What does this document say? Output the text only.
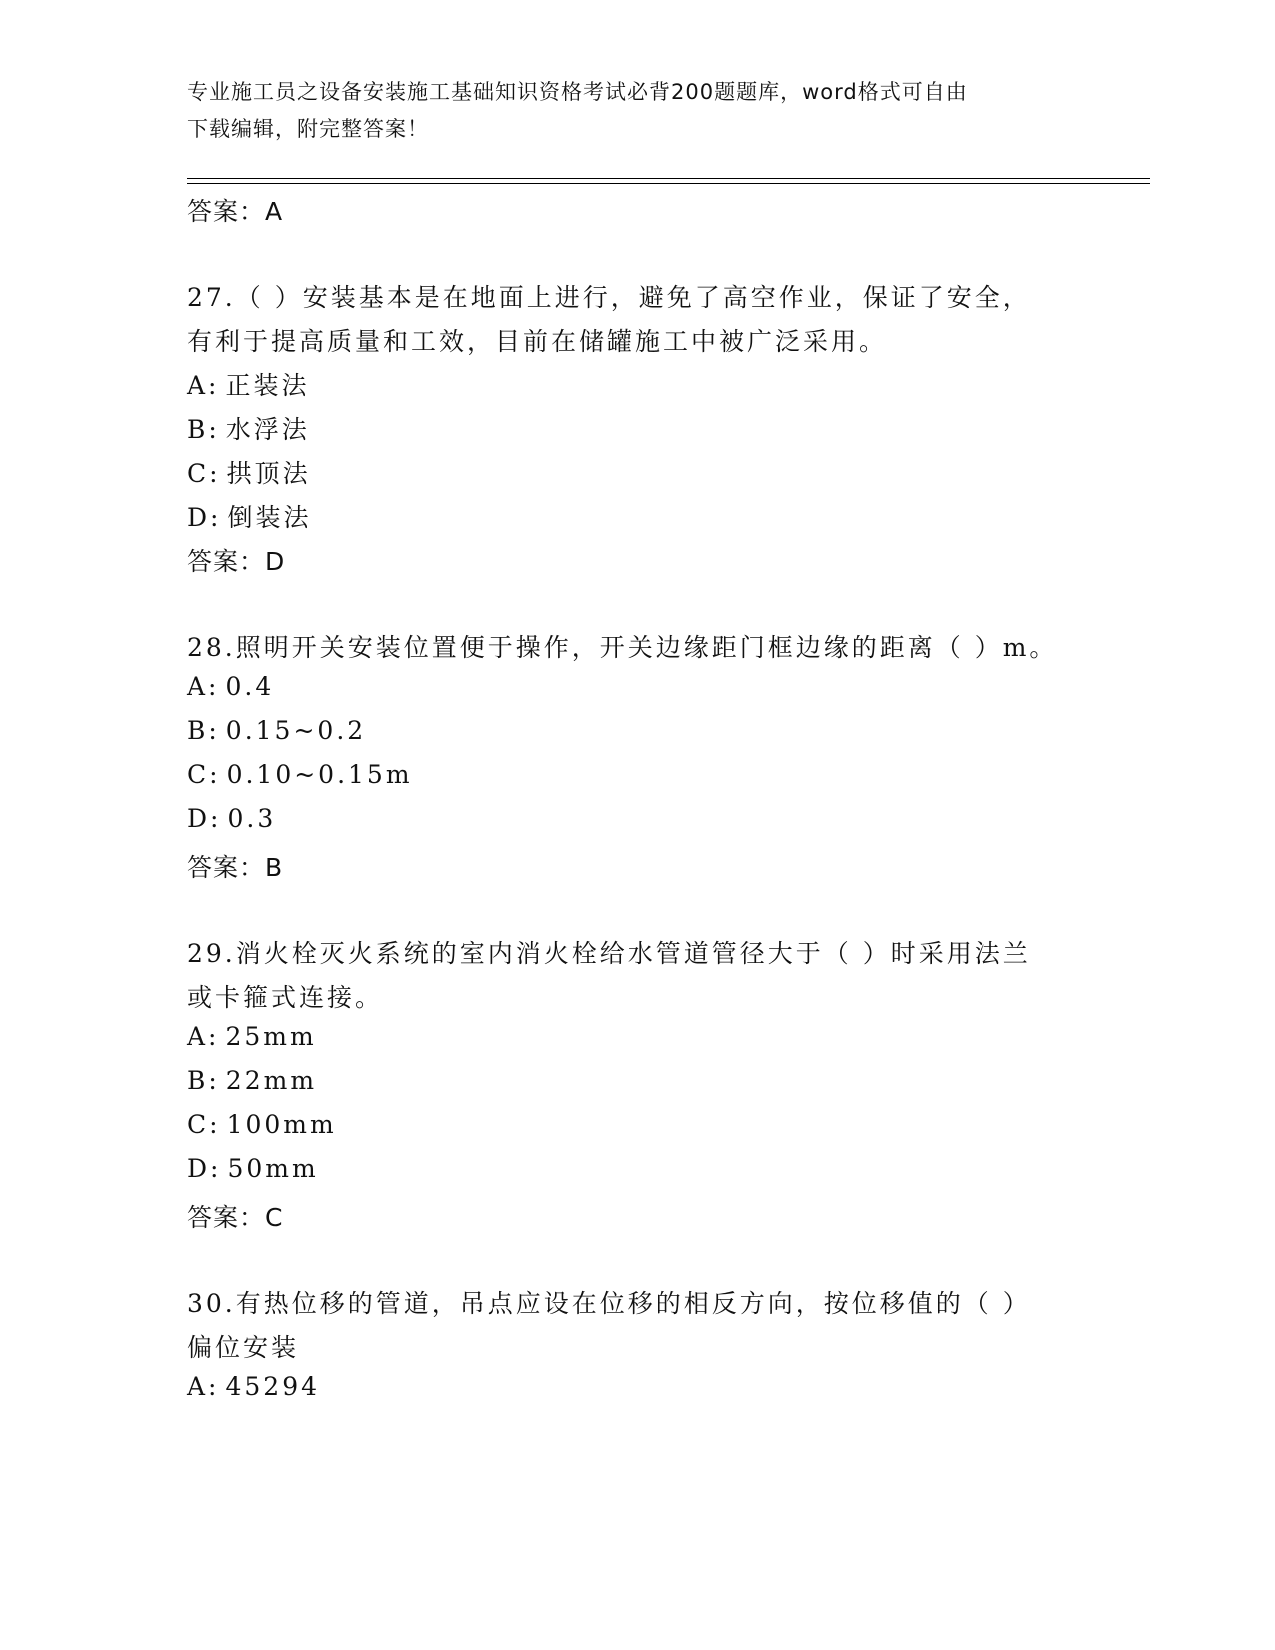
专业施工员之设备安装施工基础知识资格考试必背200题题库，word格式可自由
下载编辑，附完整答案！
答案：A
27.（ ）安装基本是在地面上进行，避免了高空作业，保证了安全，
有利于提高质量和工效，目前在储罐施工中被广泛采用。
A: 正装法
B: 水浮法
C: 拱顶法
D: 倒装法
答案：D
28.照明开关安装位置便于操作，开关边缘距门框边缘的距离（ ）m。
A: 0.4
B: 0.15~0.2
C: 0.10~0.15m
D: 0.3
答案：B
29.消火栓灭火系统的室内消火栓给水管道管径大于（ ）时采用法兰
或卡箍式连接。
A: 25mm
B: 22mm
C: 100mm
D: 50mm
答案：C
30.有热位移的管道，吊点应设在位移的相反方向，按位移值的（ ）
偏位安装
A: 45294
